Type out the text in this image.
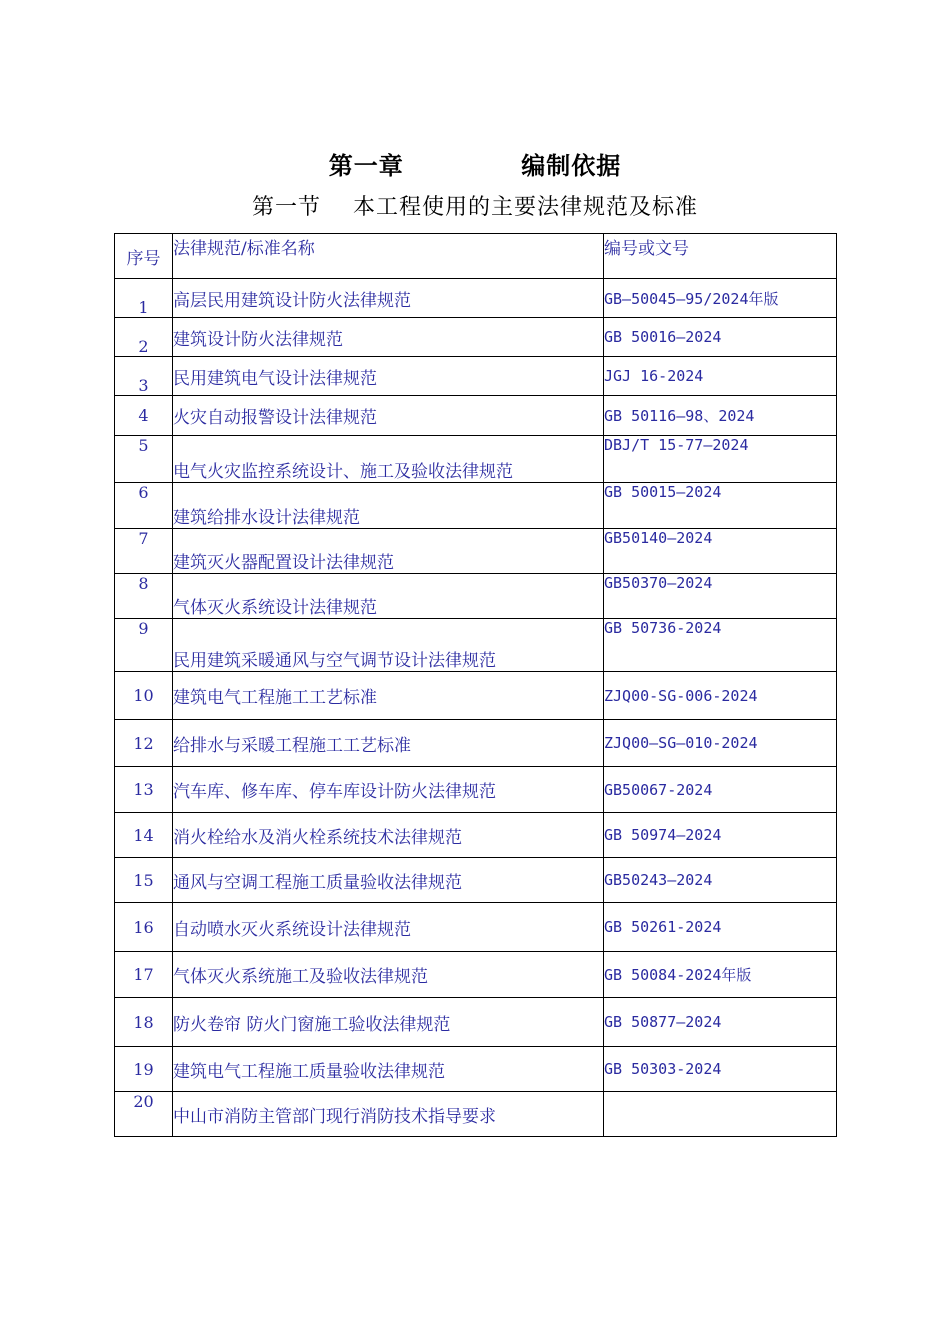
第一章    编制依据
第一节    本工程使用的主要法律规范及标准
序号	法律规范/标准名称	编号或文号
1	高层民用建筑设计防火法律规范	GB—50045—95/2024年版
2	建筑设计防火法律规范	GB 50016—2024
3	民用建筑电气设计法律规范	JGJ 16-2024
4	火灾自动报警设计法律规范	GB 50116—98、2024
5	电气火灾监控系统设计、施工及验收法律规范	DBJ/T 15-77—2024
6	建筑给排水设计法律规范	GB 50015—2024
7	建筑灭火器配置设计法律规范	GB50140—2024
8	气体灭火系统设计法律规范	GB50370—2024
9	民用建筑采暖通风与空气调节设计法律规范	GB 50736-2024
10	建筑电气工程施工工艺标准	ZJQ00-SG-006-2024
12	给排水与采暖工程施工工艺标准	ZJQ00—SG—010-2024
13	汽车库、修车库、停车库设计防火法律规范	GB50067-2024
14	消火栓给水及消火栓系统技术法律规范	GB 50974—2024
15	通风与空调工程施工质量验收法律规范	GB50243—2024
16	自动喷水灭火系统设计法律规范	GB 50261-2024
17	气体灭火系统施工及验收法律规范	GB 50084-2024年版
18	防火卷帘 防火门窗施工验收法律规范	GB 50877—2024
19	建筑电气工程施工质量验收法律规范	GB 50303-2024
20	中山市消防主管部门现行消防技术指导要求	
